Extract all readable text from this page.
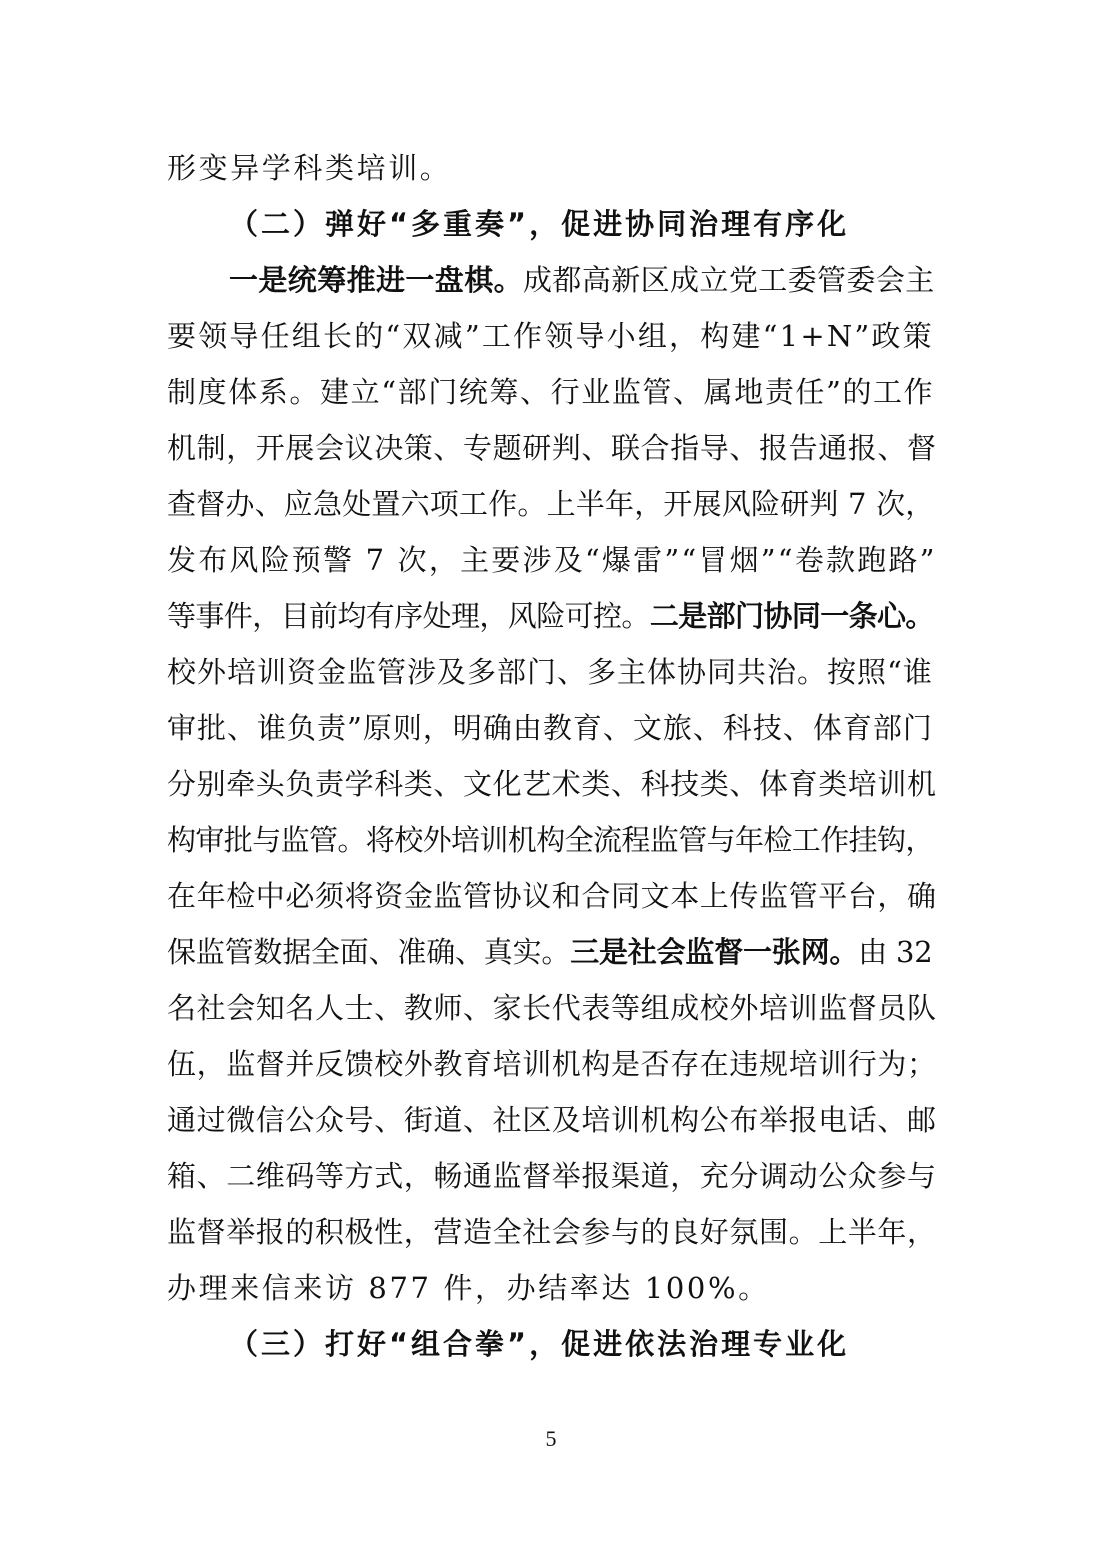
形变异学科类培训。
（二）弹好“多重奏”，促进协同治理有序化
一是统筹推进一盘棋。成都高新区成立党工委管委会主
要领导任组长的“双减”工作领导小组，构建“1+N”政策
制度体系。建立“部门统筹、行业监管、属地责任”的工作
机制，开展会议决策、专题研判、联合指导、报告通报、督
查督办、应急处置六项工作。上半年，开展风险研判 7 次，
发布风险预警 7 次，主要涉及“爆雷”“冒烟”“卷款跑路”
等事件，目前均有序处理，风险可控。二是部门协同一条心。
校外培训资金监管涉及多部门、多主体协同共治。按照“谁
审批、谁负责”原则，明确由教育、文旅、科技、体育部门
分别牵头负责学科类、文化艺术类、科技类、体育类培训机
构审批与监管。将校外培训机构全流程监管与年检工作挂钩，
在年检中必须将资金监管协议和合同文本上传监管平台，确
保监管数据全面、准确、真实。三是社会监督一张网。由 32
名社会知名人士、教师、家长代表等组成校外培训监督员队
伍，监督并反馈校外教育培训机构是否存在违规培训行为；
通过微信公众号、街道、社区及培训机构公布举报电话、邮
箱、二维码等方式，畅通监督举报渠道，充分调动公众参与
监督举报的积极性，营造全社会参与的良好氛围。上半年，
办理来信来访 877 件，办结率达 100%。
（三）打好“组合拳”，促进依法治理专业化
5
